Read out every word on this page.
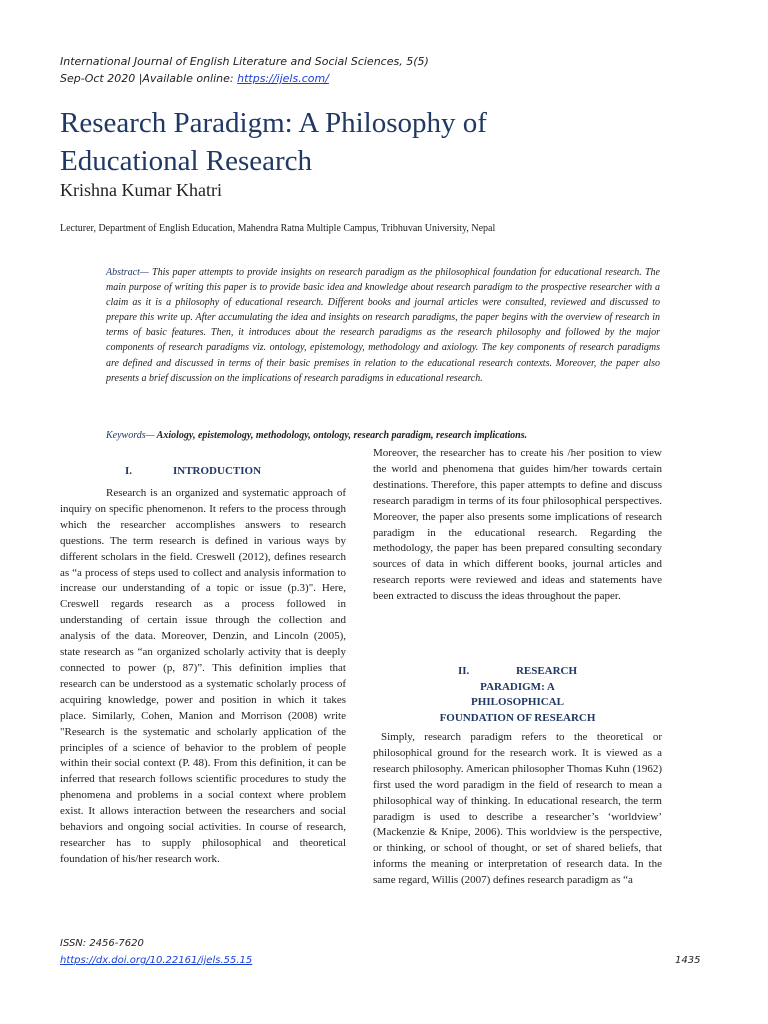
International Journal of English Literature and Social Sciences, 5(5)
Sep-Oct 2020 |Available online: https://ijels.com/
Research Paradigm: A Philosophy of
Educational Research
Krishna Kumar Khatri
Lecturer, Department of English Education, Mahendra Ratna Multiple Campus, Tribhuvan University, Nepal
Abstract— This paper attempts to provide insights on research paradigm as the philosophical foundation for educational research. The main purpose of writing this paper is to provide basic idea and knowledge about research paradigm to the prospective researcher with a claim as it is a philosophy of educational research. Different books and journal articles were consulted, reviewed and discussed to prepare this write up. After accumulating the idea and insights on research paradigms, the paper begins with the overview of research in terms of basic features. Then, it introduces about the research paradigms as the research philosophy and followed by the major components of research paradigms viz. ontology, epistemology, methodology and axiology. The key components of research paradigms are defined and discussed in terms of their basic premises in relation to the educational research contexts. Moreover, the paper also presents a brief discussion on the implications of research paradigms in educational research.
Keywords— Axiology, epistemology, methodology, ontology, research paradigm, research implications.
I.	INTRODUCTION

Research is an organized and systematic approach of inquiry on specific phenomenon. It refers to the process through which the researcher accomplishes answers to research questions. The term research is defined in various ways by different scholars in the field. Creswell (2012), defines research as “a process of steps used to collect and analysis information to increase our understanding of a topic or issue (p.3)". Here, Creswell regards research as a process followed in understanding of certain issue through the collection and analysis of the data. Moreover, Denzin, and Lincoln (2005), state research as “an organized scholarly activity that is deeply connected to power (p, 87)”. This definition implies that research can be understood as a systematic scholarly process of acquiring knowledge, power and position in which it takes place. Similarly, Cohen, Manion and Morrison (2008) write "Research is the systematic and scholarly application of the principles of a science of behavior to the problem of people within their social context (P. 48). From this definition, it can be inferred that research follows scientific procedures to study the phenomena and problems in a social context where problem exist. It allows interaction between the researchers and social behaviors and ongoing social activities. In course of research, researcher has to supply philosophical and theoretical foundation of his/her research work.

Moreover, the researcher has to create his /her position to view the world and phenomena that guides him/her towards certain destinations. Therefore, this paper attempts to define and discuss research paradigm in terms of its four philosophical perspectives. Moreover, the paper also presents some implications of research paradigm in the educational research. Regarding the methodology, the paper has been prepared consulting secondary sources of data in which different books, journal articles and research reports were reviewed and ideas and statements have been extracted to discuss the ideas throughout the paper.

II.	RESEARCH
PARADIGM: A
PHILOSOPHICAL
FOUNDATION OF RESEARCH

Simply, research paradigm refers to the theoretical or philosophical ground for the research work. It is viewed as a research philosophy. American philosopher Thomas Kuhn (1962) first used the word paradigm in the field of research to mean a philosophical way of thinking. In educational research, the term paradigm is used to describe a researcher’s ‘worldview’ (Mackenzie & Knipe, 2006). This worldview is the perspective, or thinking, or school of thought, or set of shared beliefs, that informs the meaning or interpretation of research data. In the same regard, Willis (2007) defines research paradigm as “a

ISSN: 2456-7620
https://dx.doi.org/10.22161/ijels.55.15	1435
